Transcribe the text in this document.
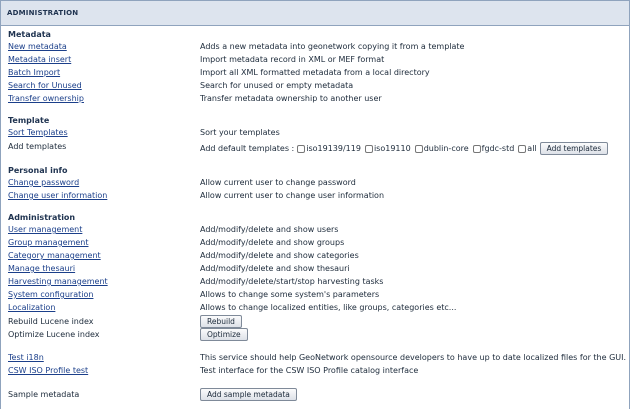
ADMINISTRATION
Metadata
New metadata	Adds a new metadata into geonetwork copying it from a template
Metadata insert	Import metadata record in XML or MEF format
Batch Import	Import all XML formatted metadata from a local directory
Search for Unused	Search for unused or empty metadata
Transfer ownership	Transfer metadata ownership to another user
Template
Sort Templates	Sort your templates
Add templates	Add default templates : iso19139/119 iso19110 dublin-core fgdc-std all	Add templates
Personal info
Change password	Allow current user to change password
Change user information	Allow current user to change user information
Administration
User management	Add/modify/delete and show users
Group management	Add/modify/delete and show groups
Category management	Add/modify/delete and show categories
Manage thesauri	Add/modify/delete and show thesauri
Harvesting management	Add/modify/delete/start/stop harvesting tasks
System configuration	Allows to change some system's parameters
Localization	Allows to change localized entities, like groups, categories etc...
Rebuild Lucene index	Rebuild
Optimize Lucene index	Optimize
Test i18n	This service should help GeoNetwork opensource developers to have up to date localized files for the GUI.
CSW ISO Profile test	Test interface for the CSW ISO Profile catalog interface
Sample metadata	Add sample metadata
